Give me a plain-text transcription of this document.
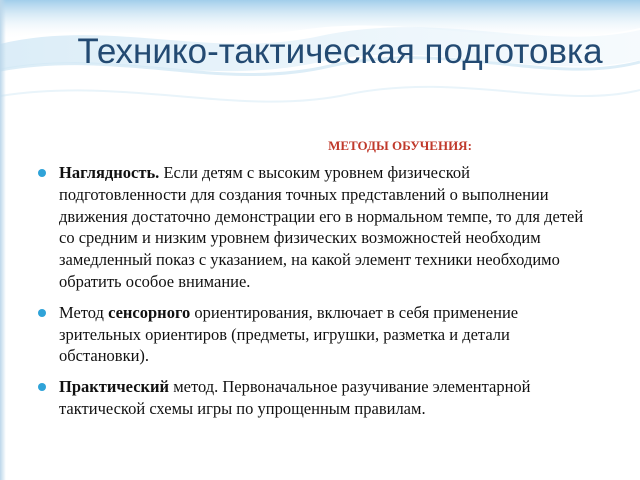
Технико-тактическая подготовка
МЕТОДЫ ОБУЧЕНИЯ:
Наглядность. Если детям с высоким уровнем физической подготовленности для создания точных представлений о выполнении движения достаточно демонстрации его в нормальном темпе, то для детей со средним и низким уровнем физических возможностей необходим замедленный показ с указанием, на какой элемент техники необходимо обратить особое внимание.
Метод сенсорного ориентирования, включает в себя применение зрительных ориентиров (предметы, игрушки, разметка и детали обстановки).
Практический метод. Первоначальное разучивание элементарной тактической схемы игры по упрощенным правилам.
